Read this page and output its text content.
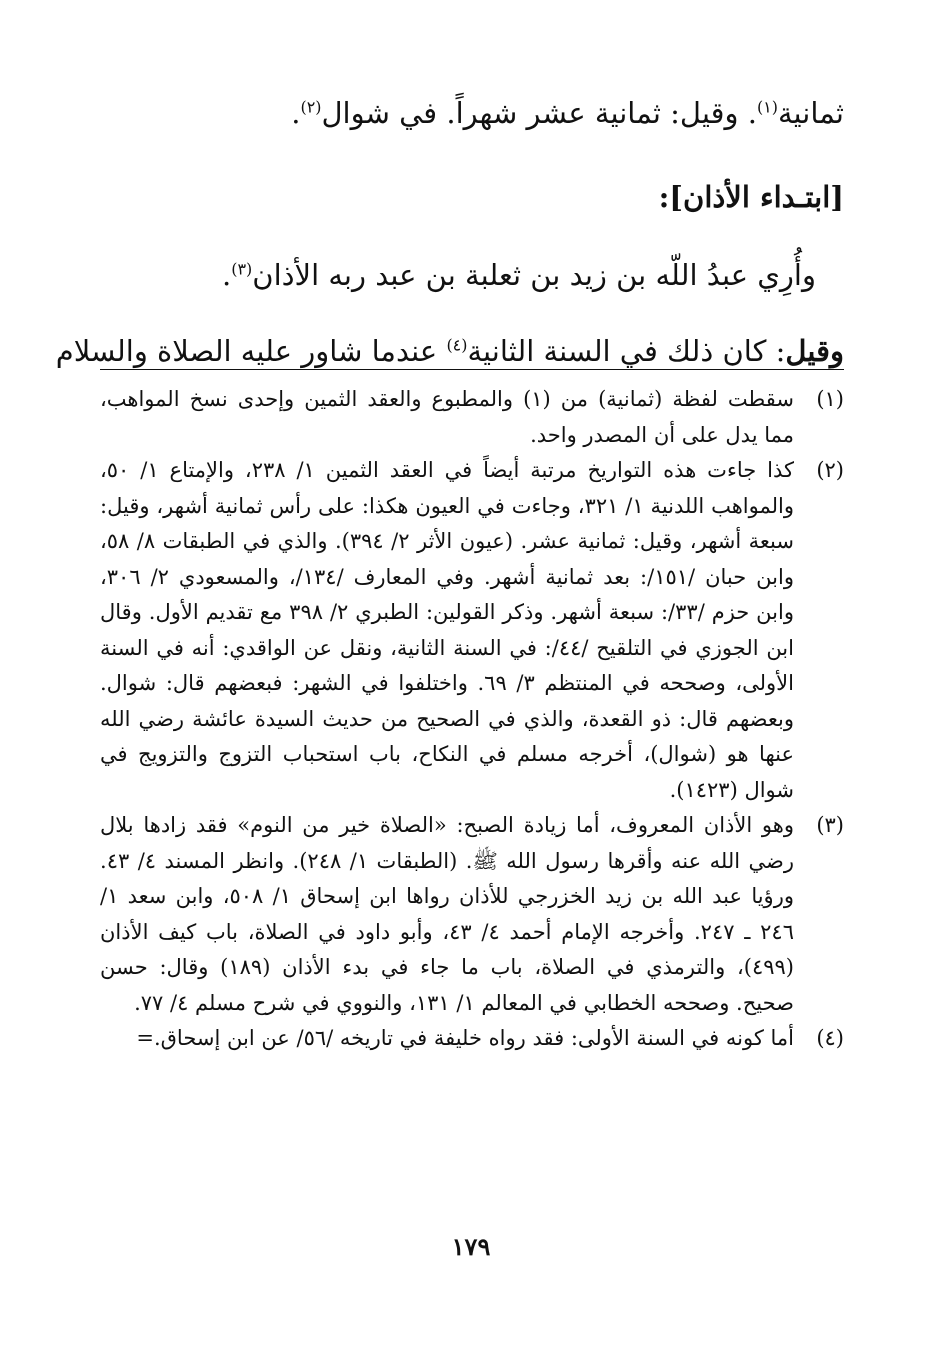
ثمانية$^{(١)}$. وقيل: ثمانية عشر شهراً. في شوال$^{(٢)}$.

[ابتـداء الأذان]:

وأُرِي عبدُ اللّه بن زيد بن ثعلبة بن عبد ربه الأذان$^{(٣)}$.

وقيل: كان ذلك في السنة الثانية$^{(٤)}$ عندما شاور عليه الصلاة والسلام

(١)
سقطت لفظة (ثمانية) من (١) والمطبوع والعقد الثمين وإحدى نسخ المواهب، مما يدل على أن المصدر واحد.
(٢)
كذا جاءت هذه التواريخ مرتبة أيضاً في العقد الثمين ١/ ٢٣٨، والإمتاع ١/ ٥٠، والمواهب اللدنية ١/ ٣٢١، وجاءت في العيون هكذا: على رأس ثمانية أشهر، وقيل: سبعة أشهر، وقيل: ثمانية عشر. (عيون الأثر ٢/ ٣٩٤). والذي في الطبقات ٨/ ٥٨، وابن حبان /١٥١/: بعد ثمانية أشهر. وفي المعارف /١٣٤/، والمسعودي ٢/ ٣٠٦، وابن حزم /٣٣/: سبعة أشهر. وذكر القولين: الطبري ٢/ ٣٩٨ مع تقديم الأول. وقال ابن الجوزي في التلقيح /٤٤/: في السنة الثانية، ونقل عن الواقدي: أنه في السنة الأولى، وصححه في المنتظم ٣/ ٦٩. واختلفوا في الشهر: فبعضهم قال: شوال. وبعضهم قال: ذو القعدة، والذي في الصحيح من حديث السيدة عائشة رضي الله عنها هو (شوال)، أخرجه مسلم في النكاح، باب استحباب التزوج والتزويج في شوال (١٤٢٣).
(٣)
وهو الأذان المعروف، أما زيادة الصبح: «الصلاة خير من النوم» فقد زادها بلال رضي الله عنه وأقرها رسول الله ﷺ. (الطبقات ١/ ٢٤٨). وانظر المسند ٤/ ٤٣. ورؤيا عبد الله بن زيد الخزرجي للأذان رواها ابن إسحاق ١/ ٥٠٨، وابن سعد ١/ ٢٤٦ ـ ٢٤٧. وأخرجه الإمام أحمد ٤/ ٤٣، وأبو داود في الصلاة، باب كيف الأذان (٤٩٩)، والترمذي في الصلاة، باب ما جاء في بدء الأذان (١٨٩) وقال: حسن صحيح. وصححه الخطابي في المعالم ١/ ١٣١، والنووي في شرح مسلم ٤/ ٧٧.
(٤)
أما كونه في السنة الأولى: فقد رواه خليفة في تاريخه /٥٦/ عن ابن إسحاق.=
١٧٩
